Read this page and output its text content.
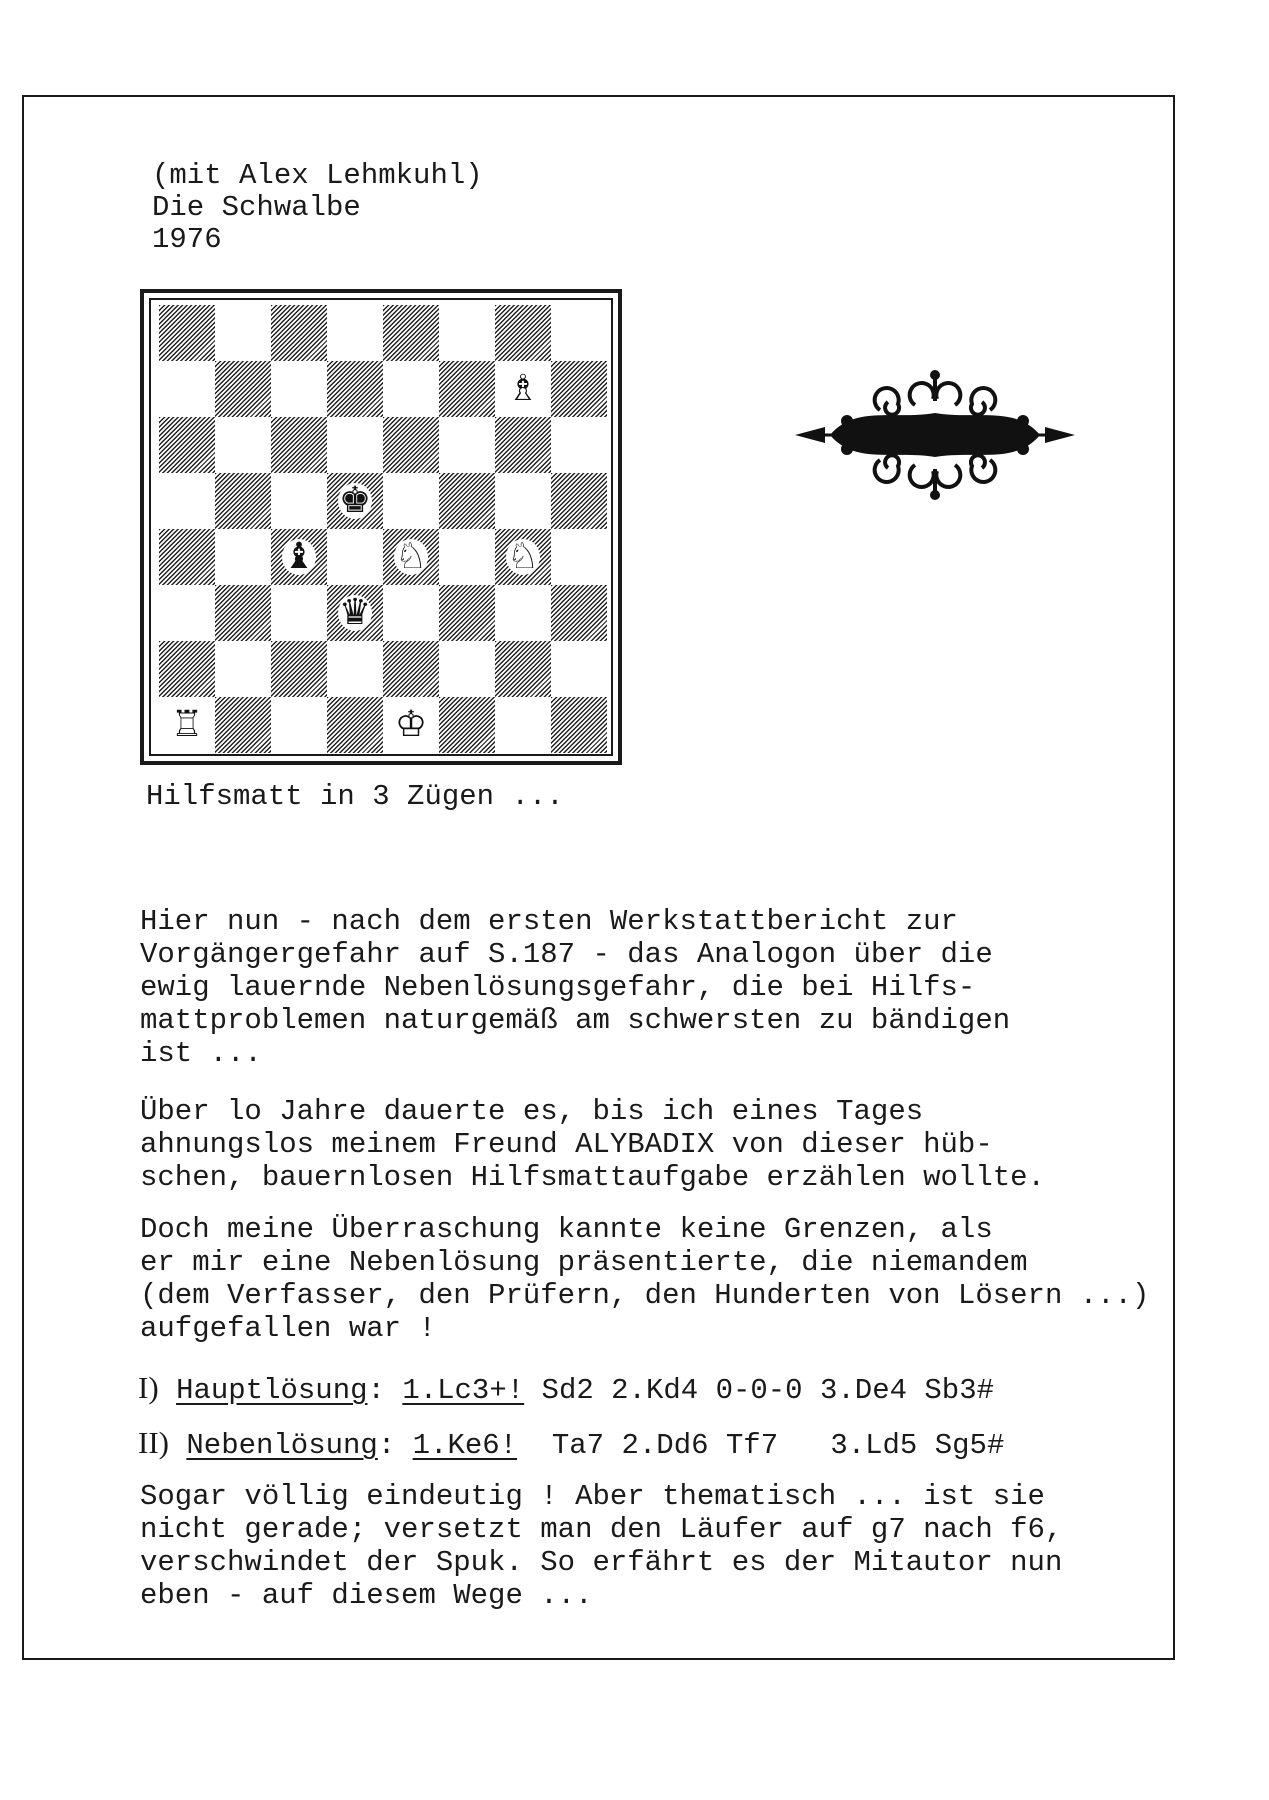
(mit Alex Lehmkuhl)
Die Schwalbe
1976
♗
♚
♝ ♘ ♘
♛
♖	♔
Hilfsmatt in 3 Zügen ...
Hier nun - nach dem ersten Werkstattbericht zur
Vorgängergefahr auf S.187 - das Analogon über die
ewig lauernde Nebenlösungsgefahr, die bei Hilfs-
mattproblemen naturgemäß am schwersten zu bändigen
ist ...
Über lo Jahre dauerte es, bis ich eines Tages
ahnungslos meinem Freund ALYBADIX von dieser hüb-
schen, bauernlosen Hilfsmattaufgabe erzählen wollte.
Doch meine Überraschung kannte keine Grenzen, als
er mir eine Nebenlösung präsentierte, die niemandem
(dem Verfasser, den Prüfern, den Hunderten von Lösern ...)
aufgefallen war !
I) Hauptlösung: 1.Lc3+! Sd2 2.Kd4 0-0-0 3.De4 Sb3#
II) Nebenlösung: 1.Ke6! Ta7 2.Dd6 Tf7   3.Ld5 Sg5#
Sogar völlig eindeutig ! Aber thematisch ... ist sie
nicht gerade; versetzt man den Läufer auf g7 nach f6,
verschwindet der Spuk. So erfährt es der Mitautor nun
eben - auf diesem Wege ...
